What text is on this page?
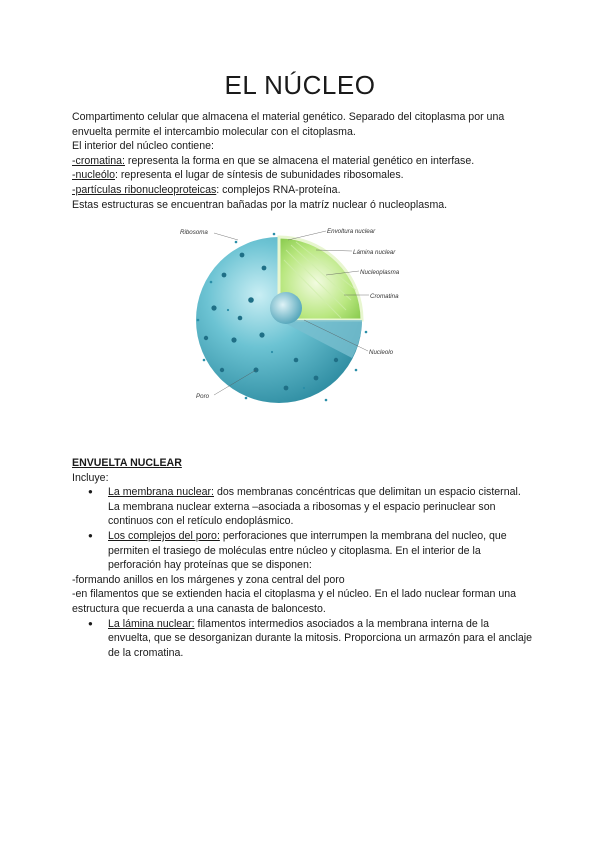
EL NÚCLEO

Compartimento celular que almacena el material genético. Separado del citoplasma por una envuelta permite el intercambio molecular con el citoplasma.

El interior del núcleo contiene:

-cromatina: representa la forma en que se almacena el material genético en interfase.

-nucleólo: representa el lugar de síntesis de subunidades ribosomales.

-partículas ribonucleoproteicas: complejos RNA-proteína.

Estas estructuras se encuentran bañadas por la matríz nuclear ó nucleoplasma.

Ribosoma	Envoltura nuclear
Lámina nuclear
Nucleoplasma
Cromatina
Nucleolo
Poro
ENVUELTA NUCLEAR

Incluye:

● La membrana nuclear: dos membranas concéntricas que delimitan un espacio cisternal. La membrana nuclear externa –asociada a ribosomas y el espacio perinuclear son continuos con el retículo endoplásmico.
● Los complejos del poro: perforaciones que interrumpen la membrana del nucleo, que permiten el trasiego de moléculas entre núcleo y citoplasma. En el interior de la perforación hay proteínas que se disponen:

-formando anillos en los márgenes y zona central del poro

-en filamentos que se extienden hacia el citoplasma y el núcleo. En el lado nuclear forman una estructura que recuerda a una canasta de baloncesto.

● La lámina nuclear: filamentos intermedios asociados a la membrana interna de la envuelta, que se desorganizan durante la mitosis. Proporciona un armazón para el anclaje de la cromatina.
